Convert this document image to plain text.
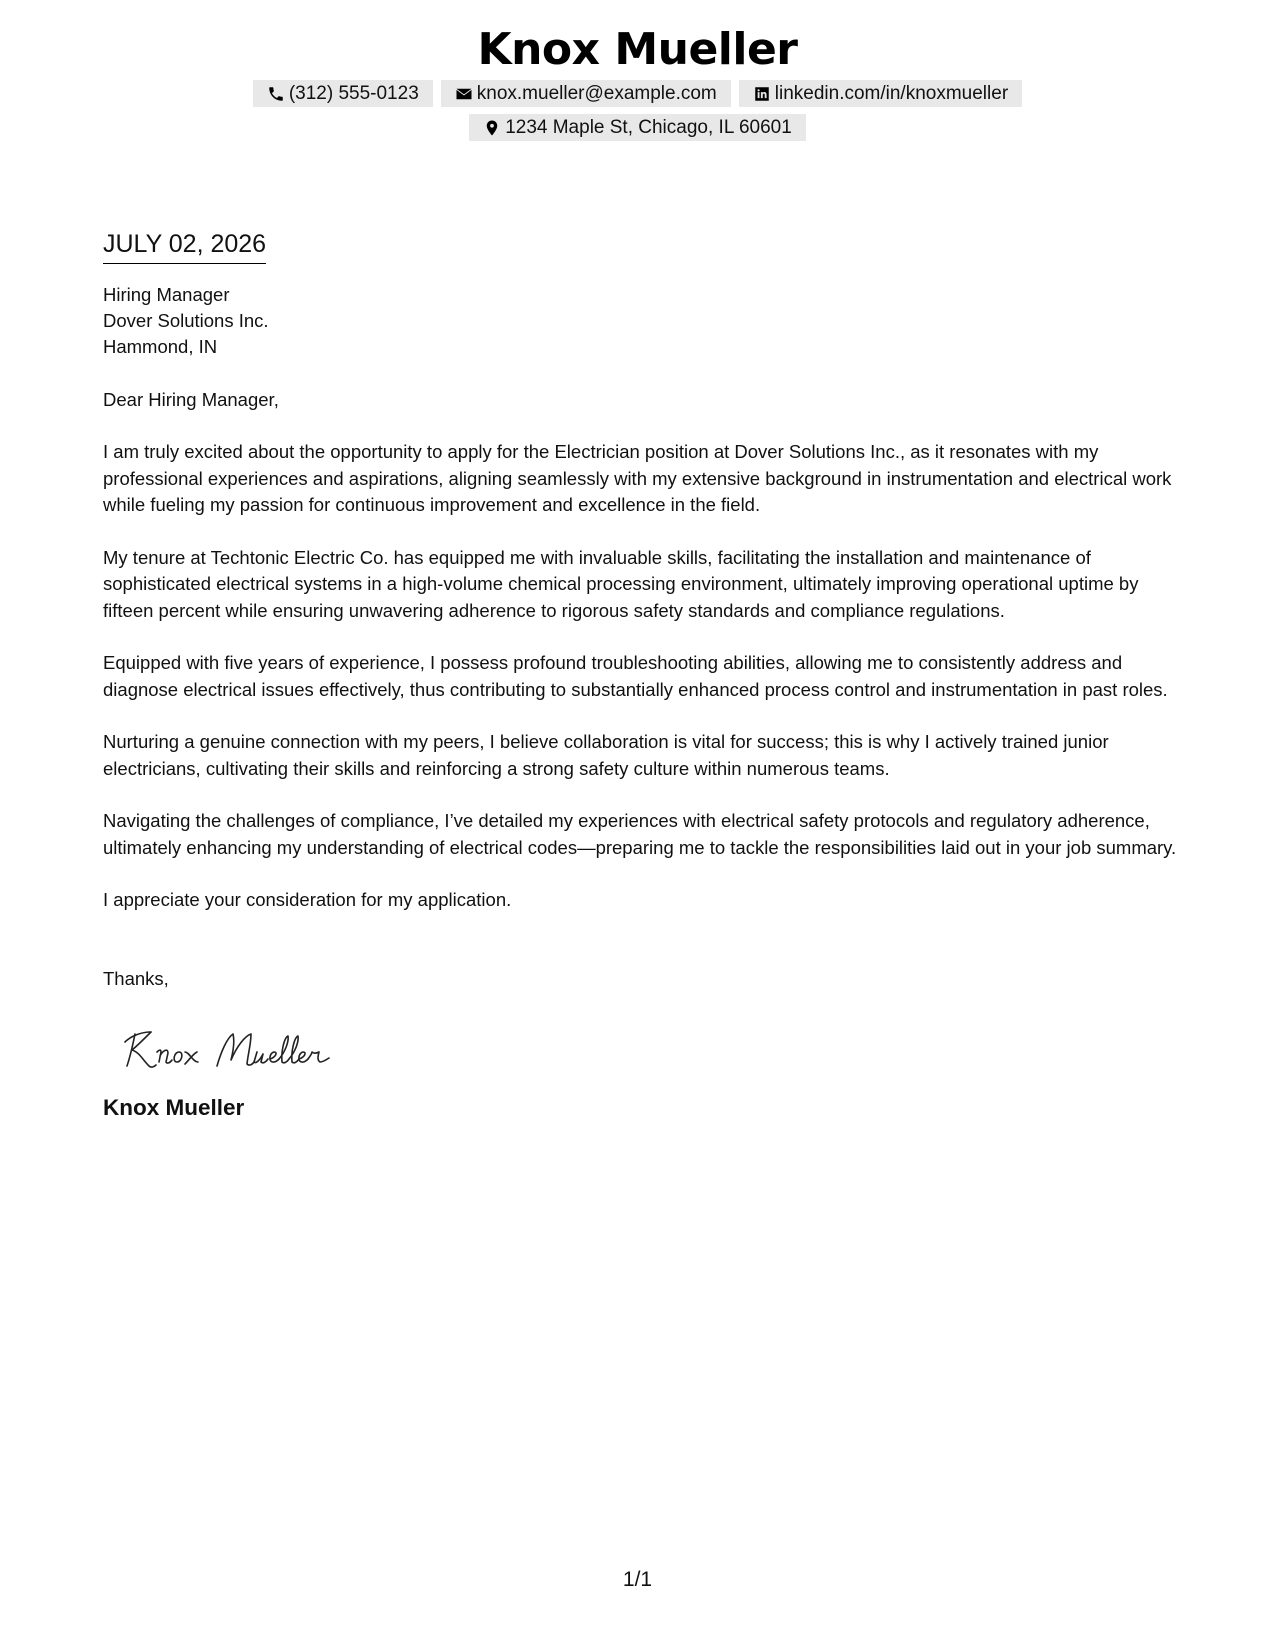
Knox Mueller
(312) 555-0123	knox.mueller@example.com	linkedin.com/in/knoxmueller
1234 Maple St, Chicago, IL 60601
JULY 02, 2026
Hiring Manager
Dover Solutions Inc.
Hammond, IN
Dear Hiring Manager,

I am truly excited about the opportunity to apply for the Electrician position at Dover Solutions Inc., as it resonates with my professional experiences and aspirations, aligning seamlessly with my extensive background in instrumentation and electrical work while fueling my passion for continuous improvement and excellence in the field.

My tenure at Techtonic Electric Co. has equipped me with invaluable skills, facilitating the installation and maintenance of sophisticated electrical systems in a high-volume chemical processing environment, ultimately improving operational uptime by fifteen percent while ensuring unwavering adherence to rigorous safety standards and compliance regulations.

Equipped with five years of experience, I possess profound troubleshooting abilities, allowing me to consistently address and diagnose electrical issues effectively, thus contributing to substantially enhanced process control and instrumentation in past roles.

Nurturing a genuine connection with my peers, I believe collaboration is vital for success; this is why I actively trained junior electricians, cultivating their skills and reinforcing a strong safety culture within numerous teams.

Navigating the challenges of compliance, I’ve detailed my experiences with electrical safety protocols and regulatory adherence, ultimately enhancing my understanding of electrical codes—preparing me to tackle the responsibilities laid out in your job summary.

I appreciate your consideration for my application.

Thanks,
Knox Mueller
1/1
